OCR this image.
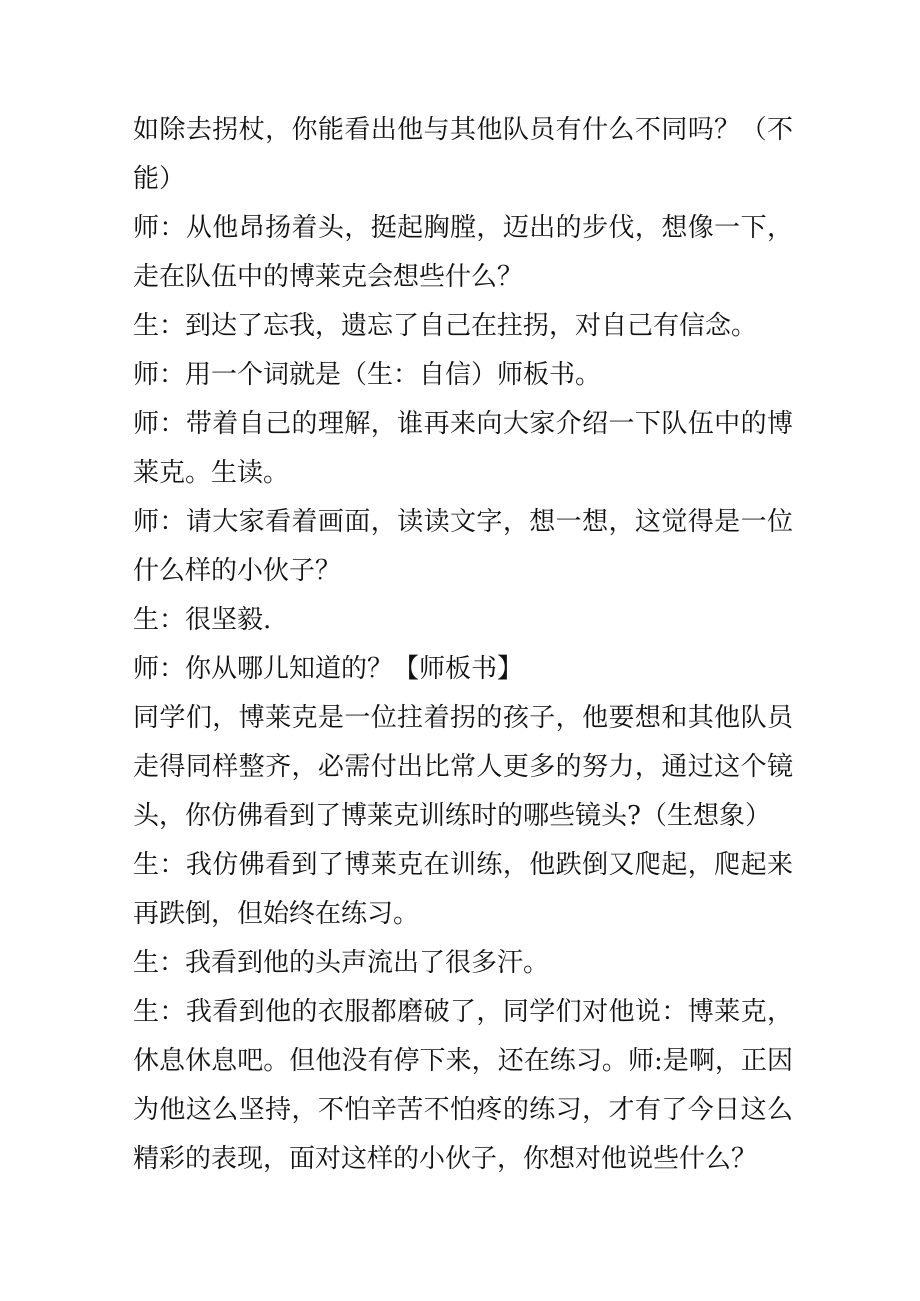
如除去拐杖，你能看出他与其他队员有什么不同吗？（不能）

师：从他昂扬着头，挺起胸膛，迈出的步伐，想像一下，走在队伍中的博莱克会想些什么？

生：到达了忘我，遗忘了自己在拄拐，对自己有信念。

师：用一个词就是（生：自信）师板书。

师：带着自己的理解，谁再来向大家介绍一下队伍中的博莱克。生读。

师：请大家看着画面，读读文字，想一想，这觉得是一位什么样的小伙子？

生：很坚毅.

师：你从哪儿知道的？【师板书】

同学们，博莱克是一位拄着拐的孩子，他要想和其他队员走得同样整齐，必需付出比常人更多的努力，通过这个镜头，你仿佛看到了博莱克训练时的哪些镜头?（生想象）

生：我仿佛看到了博莱克在训练，他跌倒又爬起，爬起来再跌倒，但始终在练习。

生：我看到他的头声流出了很多汗。

生：我看到他的衣服都磨破了，同学们对他说：博莱克，休息休息吧。但他没有停下来，还在练习。师:是啊，正因为他这么坚持，不怕辛苦不怕疼的练习，才有了今日这么精彩的表现，面对这样的小伙子，你想对他说些什么？
